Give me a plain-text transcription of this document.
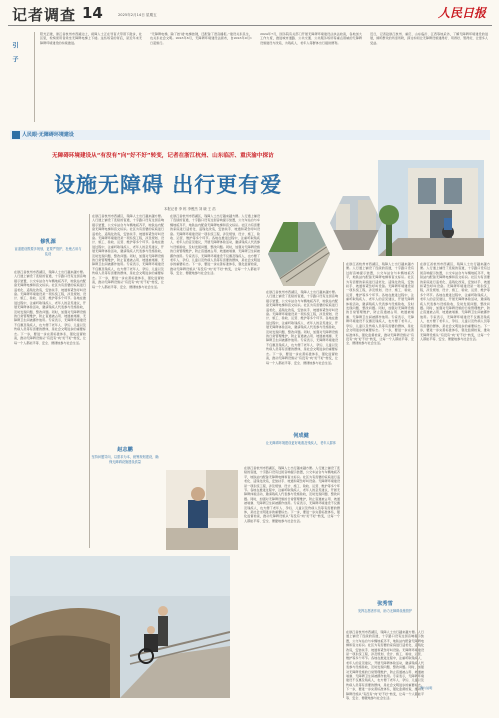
记者调查 14	2025年2月14日 星期五	人民日报
引子
阳光正暖，浙江省杭州市西湖边上，视障人士正在导盲犬带领下散步，社区里，轮椅使用者乘坐无障碍电梯上下楼。这些场景的背后，是近年来无障碍环境建设的持续推进。
“无障碍电梯，除了按‘楼’电梯按键，还配备了语音播报。”建设关系民生，也关系社会文明。2023年6月，无障碍环境建设法颁布，自2023年9月1日起施行。
2024年7月，国务院有关部门开展无障碍环境建设法执法检查，各地加大工作力度，推进城市道路、公共交通、公共服务场所等重点领域的无障碍设施建设与改造，为残疾人、老年人等群体出行提供便利。
近日，记者赴浙江杭州、重庆、山东临沂、江西等地采访，了解无障碍环境建设的进展，倾听群众的所需所盼，探讨如何让无障碍设施建得好、用得好、管得好，让更多人受益。
人民眼·无障碍环境建设
无障碍环境建设从“有没有”向“好不好”转变，记者在浙江杭州、山东临沂、重庆渝中探访
设施无障碍 出行更有爱
本报记者 李 栋 李俊杰 刘 晓 王 浩
修乳源
盲道建设既要多规划，更要严管护，杜绝占用与乱设
在浙江省杭州市西湖区，残障人士出行越来越方便。人行道上铺设了连续的盲道，十字路口设有过街音响提示装置，公交车站台与车辆地板齐平，地铁站内配备无障碍电梯和盲文标识。社区为有需要的家庭进行适老化、适残化改造，安装扶手、坡道和紧急呼叫设备。无障碍环境建设是一项系统工程，涉及规划、设计、施工、验收、运营、维护等多个环节。各地在推进过程中，注重听取残疾人、老年人的意见建议，开展无障碍体验活动，邀请残疾人代表参与设施验收，及时发现问题、整改问题。同时，加强对无障碍设施的日常管理维护，防止盲道被占用、坡道被堵塞、无障碍卫生间被挪作他用。专家表示，无障碍环境建设不仅惠及残疾人，也方便了老年人、孕妇、儿童以及伤病人员等有需要的群体，是社会文明进步的重要标志。下一步，要进一步完善标准体系，强化监督检查，推动无障碍设施从“有没有”向“好不好”转变，让每一个人都能平等、安全、便捷地参与社会生活。
在浙江省杭州市西湖区，残障人士出行越来越方便。人行道上铺设了连续的盲道，十字路口设有过街音响提示装置，公交车站台与车辆地板齐平，地铁站内配备无障碍电梯和盲文标识。社区为有需要的家庭进行适老化、适残化改造，安装扶手、坡道和紧急呼叫设备。无障碍环境建设是一项系统工程，涉及规划、设计、施工、验收、运营、维护等多个环节。各地在推进过程中，注重听取残疾人、老年人的意见建议，开展无障碍体验活动，邀请残疾人代表参与设施验收，及时发现问题、整改问题。同时，加强对无障碍设施的日常管理维护，防止盲道被占用、坡道被堵塞、无障碍卫生间被挪作他用。专家表示，无障碍环境建设不仅惠及残疾人，也方便了老年人、孕妇、儿童以及伤病人员等有需要的群体，是社会文明进步的重要标志。下一步，要进一步完善标准体系，强化监督检查，推动无障碍设施从“有没有”向“好不好”转变，让每一个人都能平等、安全、便捷地参与社会生活。
在浙江省杭州市西湖区，残障人士出行越来越方便。人行道上铺设了连续的盲道，十字路口设有过街音响提示装置，公交车站台与车辆地板齐平，地铁站内配备无障碍电梯和盲文标识。社区为有需要的家庭进行适老化、适残化改造，安装扶手、坡道和紧急呼叫设备。无障碍环境建设是一项系统工程，涉及规划、设计、施工、验收、运营、维护等多个环节。各地在推进过程中，注重听取残疾人、老年人的意见建议，开展无障碍体验活动，邀请残疾人代表参与设施验收，及时发现问题、整改问题。同时，加强对无障碍设施的日常管理维护，防止盲道被占用、坡道被堵塞、无障碍卫生间被挪作他用。专家表示，无障碍环境建设不仅惠及残疾人，也方便了老年人、孕妇、儿童以及伤病人员等有需要的群体，是社会文明进步的重要标志。下一步，要进一步完善标准体系，强化监督检查，推动无障碍设施从“有没有”向“好不好”转变，让每一个人都能平等、安全、便捷地参与社会生活。
赵志鹏
坚持问题导向，以需求为本，统筹规划建设，确保无障碍设施建设质量
在浙江省杭州市西湖区，残障人士出行越来越方便。人行道上铺设了连续的盲道，十字路口设有过街音响提示装置，公交车站台与车辆地板齐平，地铁站内配备无障碍电梯和盲文标识。社区为有需要的家庭进行适老化、适残化改造，安装扶手、坡道和紧急呼叫设备。无障碍环境建设是一项系统工程，涉及规划、设计、施工、验收、运营、维护等多个环节。各地在推进过程中，注重听取残疾人、老年人的意见建议，开展无障碍体验活动，邀请残疾人代表参与设施验收，及时发现问题、整改问题。同时，加强对无障碍设施的日常管理维护，防止盲道被占用、坡道被堵塞、无障碍卫生间被挪作他用。专家表示，无障碍环境建设不仅惠及残疾人，也方便了老年人、孕妇、儿童以及伤病人员等有需要的群体，是社会文明进步的重要标志。下一步，要进一步完善标准体系，强化监督检查，推动无障碍设施从“有没有”向“好不好”转变，让每一个人都能平等、安全、便捷地参与社会生活。
何成健
让无障碍环境建设更好地惠及残疾人、老年人群体
在浙江省杭州市西湖区，残障人士出行越来越方便。人行道上铺设了连续的盲道，十字路口设有过街音响提示装置，公交车站台与车辆地板齐平，地铁站内配备无障碍电梯和盲文标识。社区为有需要的家庭进行适老化、适残化改造，安装扶手、坡道和紧急呼叫设备。无障碍环境建设是一项系统工程，涉及规划、设计、施工、验收、运营、维护等多个环节。各地在推进过程中，注重听取残疾人、老年人的意见建议，开展无障碍体验活动，邀请残疾人代表参与设施验收，及时发现问题、整改问题。同时，加强对无障碍设施的日常管理维护，防止盲道被占用、坡道被堵塞、无障碍卫生间被挪作他用。专家表示，无障碍环境建设不仅惠及残疾人，也方便了老年人、孕妇、儿童以及伤病人员等有需要的群体，是社会文明进步的重要标志。下一步，要进一步完善标准体系，强化监督检查，推动无障碍设施从“有没有”向“好不好”转变，让每一个人都能平等、安全、便捷地参与社会生活。
在浙江省杭州市西湖区，残障人士出行越来越方便。人行道上铺设了连续的盲道，十字路口设有过街音响提示装置，公交车站台与车辆地板齐平，地铁站内配备无障碍电梯和盲文标识。社区为有需要的家庭进行适老化、适残化改造，安装扶手、坡道和紧急呼叫设备。无障碍环境建设是一项系统工程，涉及规划、设计、施工、验收、运营、维护等多个环节。各地在推进过程中，注重听取残疾人、老年人的意见建议，开展无障碍体验活动，邀请残疾人代表参与设施验收，及时发现问题、整改问题。同时，加强对无障碍设施的日常管理维护，防止盲道被占用、坡道被堵塞、无障碍卫生间被挪作他用。专家表示，无障碍环境建设不仅惠及残疾人，也方便了老年人、孕妇、儿童以及伤病人员等有需要的群体，是社会文明进步的重要标志。下一步，要进一步完善标准体系，强化监督检查，推动无障碍设施从“有没有”向“好不好”转变，让每一个人都能平等、安全、便捷地参与社会生活。
张秀雪
发挥志愿者作用，助力无障碍设施管护
在浙江省杭州市西湖区，残障人士出行越来越方便。人行道上铺设了连续的盲道，十字路口设有过街音响提示装置，公交车站台与车辆地板齐平，地铁站内配备无障碍电梯和盲文标识。社区为有需要的家庭进行适老化、适残化改造，安装扶手、坡道和紧急呼叫设备。无障碍环境建设是一项系统工程，涉及规划、设计、施工、验收、运营、维护等多个环节。各地在推进过程中，注重听取残疾人、老年人的意见建议，开展无障碍体验活动，邀请残疾人代表参与设施验收，及时发现问题、整改问题。同时，加强对无障碍设施的日常管理维护，防止盲道被占用、坡道被堵塞、无障碍卫生间被挪作他用。专家表示，无障碍环境建设不仅惠及残疾人，也方便了老年人、孕妇、儿童以及伤病人员等有需要的群体，是社会文明进步的重要标志。下一步，要进一步完善标准体系，强化监督检查，推动无障碍设施从“有没有”向“好不好”转变，让每一个人都能平等、安全、便捷地参与社会生活。
在浙江省杭州市西湖区，残障人士出行越来越方便。人行道上铺设了连续的盲道，十字路口设有过街音响提示装置，公交车站台与车辆地板齐平，地铁站内配备无障碍电梯和盲文标识。社区为有需要的家庭进行适老化、适残化改造，安装扶手、坡道和紧急呼叫设备。无障碍环境建设是一项系统工程，涉及规划、设计、施工、验收、运营、维护等多个环节。各地在推进过程中，注重听取残疾人、老年人的意见建议，开展无障碍体验活动，邀请残疾人代表参与设施验收，及时发现问题、整改问题。同时，加强对无障碍设施的日常管理维护，防止盲道被占用、坡道被堵塞、无障碍卫生间被挪作他用。专家表示，无障碍环境建设不仅惠及残疾人，也方便了老年人、孕妇、儿童以及伤病人员等有需要的群体，是社会文明进步的重要标志。下一步，要进一步完善标准体系，强化监督检查，推动无障碍设施从“有没有”向“好不好”转变，让每一个人都能平等、安全、便捷地参与社会生活。
图片说明
